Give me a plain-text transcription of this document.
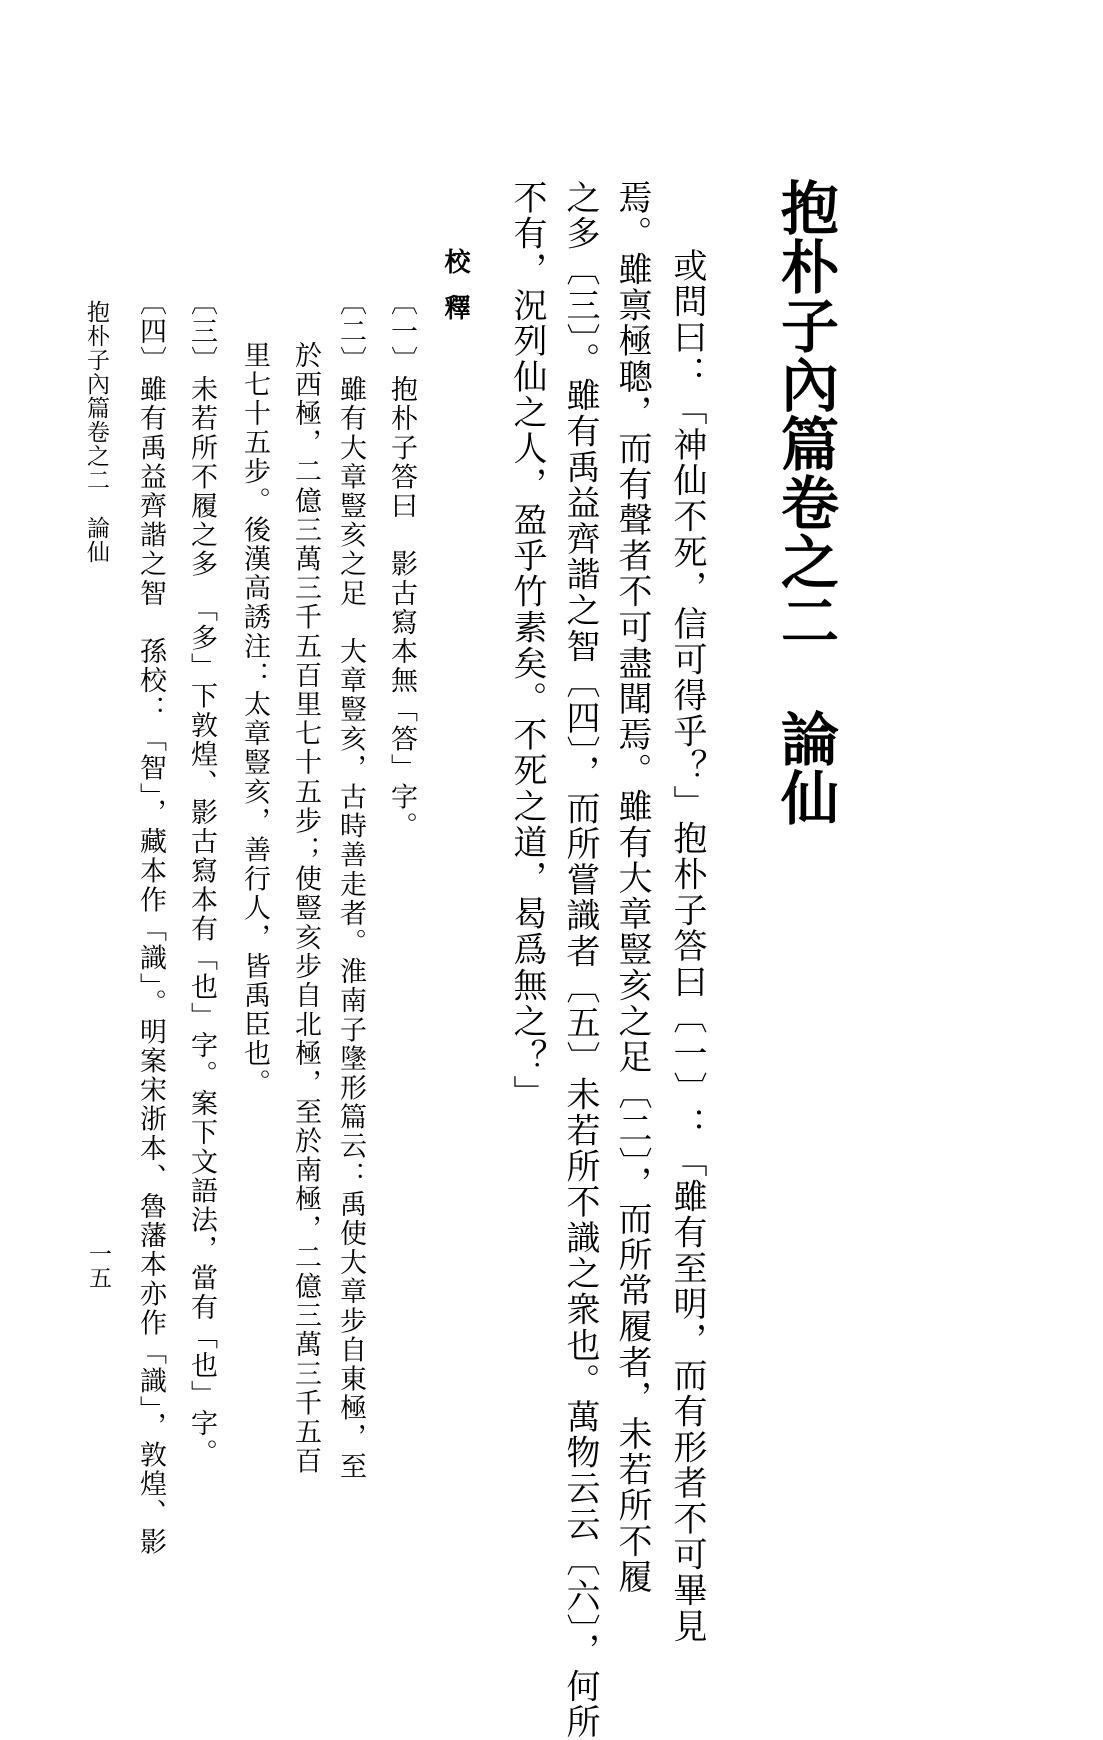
抱朴子內篇卷之二　論仙
或問曰：「神仙不死，信可得乎？」抱朴子答曰〔一〕：「雖有至明，而有形者不可畢見
焉。雖禀極聰，而有聲者不可盡聞焉。雖有大章豎亥之足〔二〕，而所常履者，未若所不履
之多〔三〕。雖有禹益齊諧之智〔四〕，而所嘗識者〔五〕未若所不識之衆也。萬物云云〔六〕，何所
不有，況列仙之人，盈乎竹素矣。不死之道，曷爲無之？」
校釋
〔一〕抱朴子答曰　影古寫本無「答」字。
〔二〕雖有大章豎亥之足　大章豎亥，古時善走者。淮南子墬形篇云：禹使大章步自東極，至
於西極，二億三萬三千五百里七十五步；使豎亥步自北極，至於南極，二億三萬三千五百
里七十五步。後漢高誘注：太章豎亥，善行人，皆禹臣也。
〔三〕未若所不履之多　「多」下敦煌、影古寫本有「也」字。案下文語法，當有「也」字。
〔四〕雖有禹益齊諧之智　孫校：「智」，藏本作「識」。明案宋浙本、魯藩本亦作「識」，敦煌、影
抱朴子內篇卷之二　論仙
一五
